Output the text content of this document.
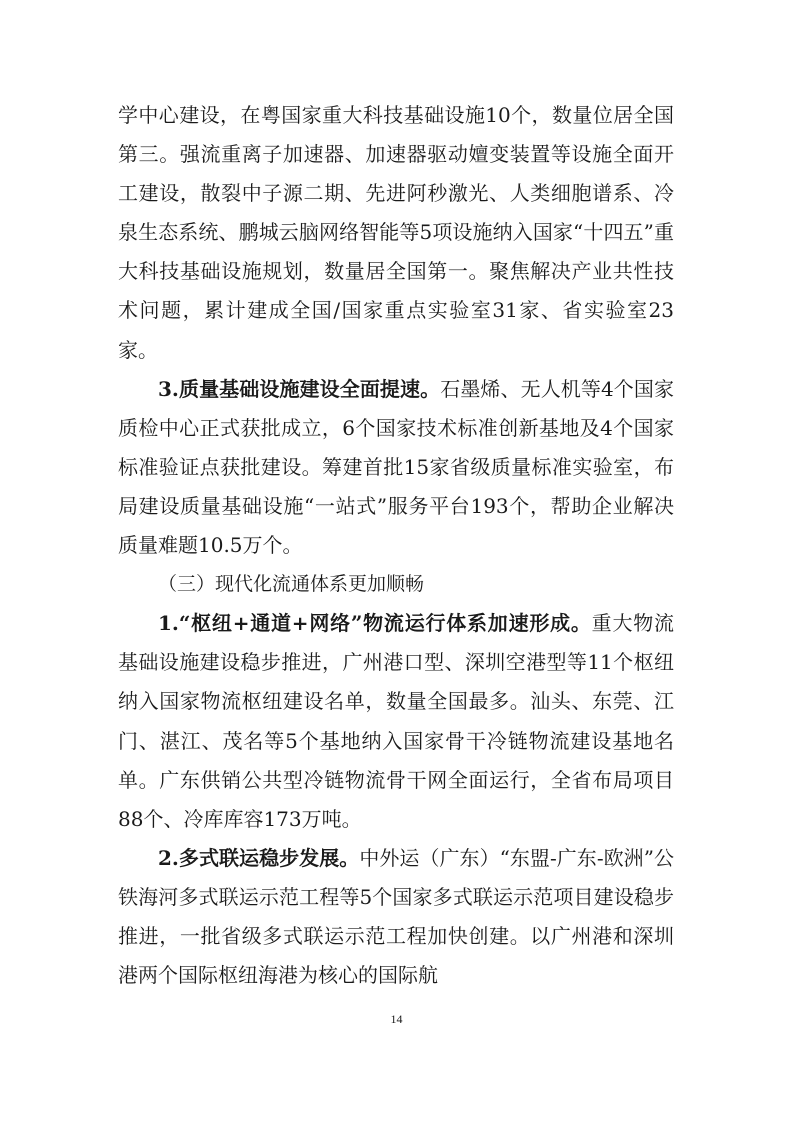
学中心建设，在粤国家重大科技基础设施10个，数量位居全国第三。强流重离子加速器、加速器驱动嬗变装置等设施全面开工建设，散裂中子源二期、先进阿秒激光、人类细胞谱系、冷泉生态系统、鹏城云脑网络智能等5项设施纳入国家“十四五”重大科技基础设施规划，数量居全国第一。聚焦解决产业共性技术问题，累计建成全国/国家重点实验室31家、省实验室23家。

3.质量基础设施建设全面提速。石墨烯、无人机等4个国家质检中心正式获批成立，6个国家技术标准创新基地及4个国家标准验证点获批建设。筹建首批15家省级质量标准实验室，布局建设质量基础设施“一站式”服务平台193个，帮助企业解决质量难题10.5万个。

（三）现代化流通体系更加顺畅

1.“枢纽+通道+网络”物流运行体系加速形成。重大物流基础设施建设稳步推进，广州港口型、深圳空港型等11个枢纽纳入国家物流枢纽建设名单，数量全国最多。汕头、东莞、江门、湛江、茂名等5个基地纳入国家骨干冷链物流建设基地名单。广东供销公共型冷链物流骨干网全面运行，全省布局项目88个、冷库库容173万吨。

2.多式联运稳步发展。中外运（广东）“东盟-广东-欧洲”公铁海河多式联运示范工程等5个国家多式联运示范项目建设稳步推进，一批省级多式联运示范工程加快创建。以广州港和深圳港两个国际枢纽海港为核心的国际航

14
